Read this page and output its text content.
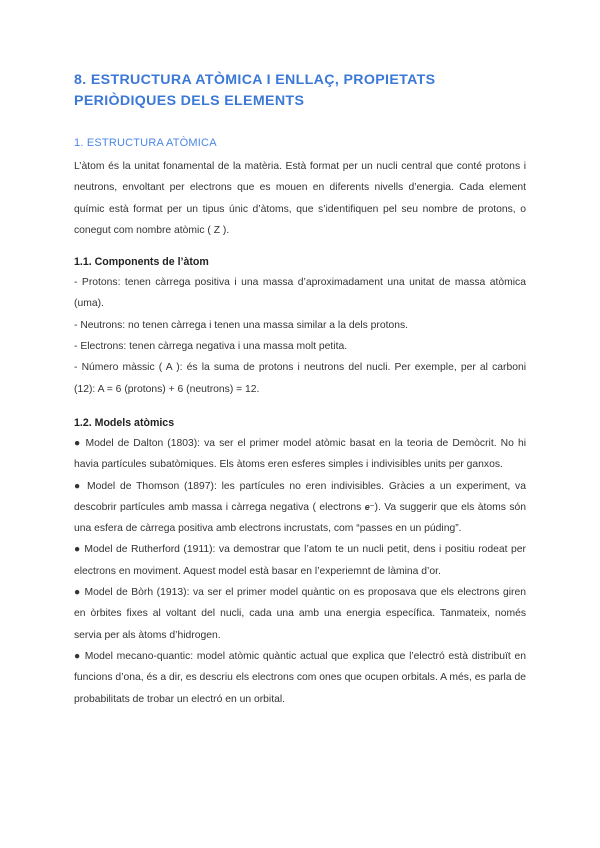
8. ESTRUCTURA ATÒMICA I ENLLAÇ, PROPIETATS
PERIÒDIQUES DELS ELEMENTS
1. ESTRUCTURA ATÒMICA

L’àtom és la unitat fonamental de la matèria. Està format per un nucli central que conté protons i neutrons, envoltant per electrons que es mouen en diferents nivells d’energia. Cada element químic està format per un tipus únic d’àtoms, que s’identifiquen pel seu nombre de protons, o conegut com nombre atòmic ( Z ).

1.1. Components de l’àtom
- Protons: tenen càrrega positiva i una massa d’aproximadament una unitat de massa atòmica (uma).
- Neutrons: no tenen càrrega i tenen una massa similar a la dels protons.
- Electrons: tenen càrrega negativa i una massa molt petita.
- Número màssic ( A ): és la suma de protons i neutrons del nucli. Per exemple, per al carboni (12): A = 6 (protons) + 6 (neutrons) = 12.
1.2. Models atòmics
● Model de Dalton (1803): va ser el primer model atòmic basat en la teoria de Demòcrit. No hi havia partícules subatòmiques. Els àtoms eren esferes simples i indivisibles units per ganxos.
● Model de Thomson (1897): les partícules no eren indivisibles. Gràcies a un experiment, va descobrir partícules amb massa i càrrega negativa ( electrons e⁻). Va suggerir que els àtoms són una esfera de càrrega positiva amb electrons incrustats, com “passes en un púding”.
● Model de Rutherford (1911): va demostrar que l’atom te un nucli petit, dens i positiu rodeat per electrons en moviment. Aquest model està basar en l’experiemnt de làmina d’or.
● Model de Bòrh (1913): va ser el primer model quàntic on es proposava que els electrons giren en òrbites fixes al voltant del nucli, cada una amb una energia específica. Tanmateix, només servia per als àtoms d’hidrogen.
● Model mecano-quantic: model atòmic quàntic actual que explica que l’electró està distribuït en funcions d’ona, és a dir, es descriu els electrons com ones que ocupen orbitals. A més, es parla de probabilitats de trobar un electró en un orbital.
